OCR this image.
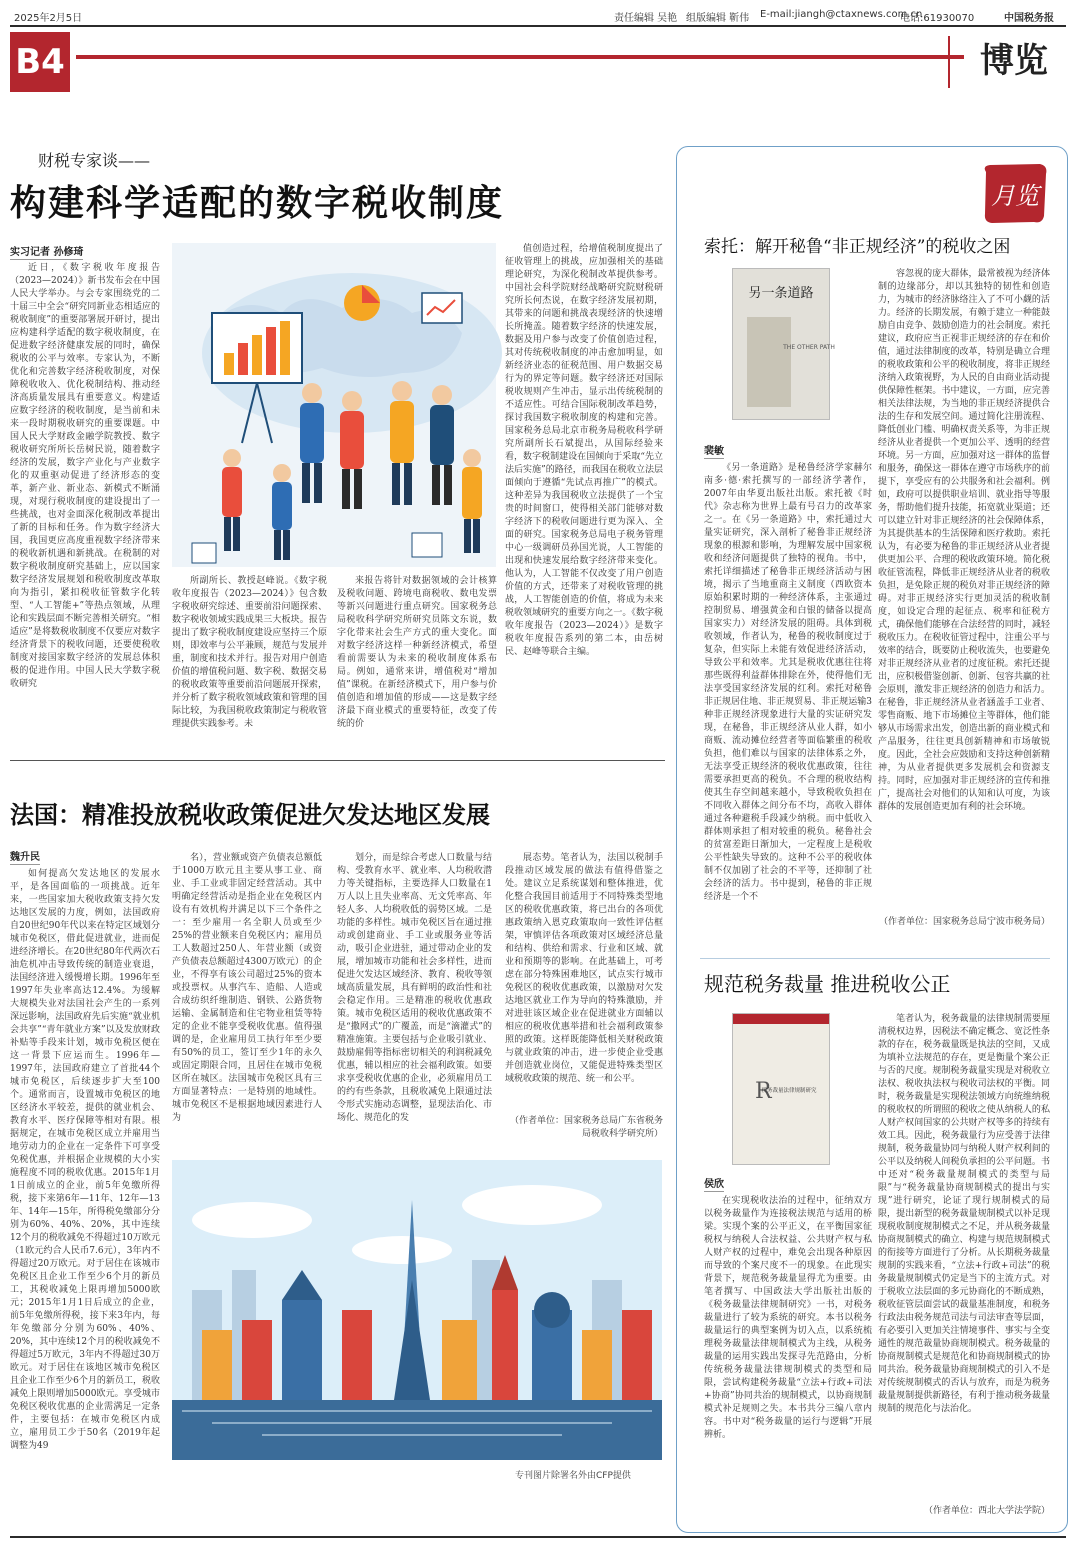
2025年2月5日	责任编辑 吴艳 组版编辑 靳伟 E-mail:jiangh@ctaxnews.com.cn
电话:61930070	中国税务报
B4	博览
财税专家谈——
构建科学适配的数字税收制度
实习记者 孙修琦

近日，《数字税收年度报告（2023—2024）》新书发布会在中国人民大学举办。与会专家围绕党的二十届三中全会“研究同新业态相适应的税收制度”的重要部署展开研讨，提出应构建科学适配的数字税收制度，在促进数字经济健康发展的同时，确保税收的公平与效率。专家认为，不断优化和完善数字经济税收制度，对保障税收收入、优化税制结构、推动经济高质量发展具有重要意义。构建适应数字经济的税收制度，是当前和未来一段时期税收研究的重要课题。中国人民大学财政金融学院教授、数字税收研究所所长岳树民说，随着数字经济的发展，数字产业化与产业数字化的双重驱动促进了经济形态的变革，新产业、新业态、新模式不断涌现，对现行税收制度的建设提出了一些挑战，也对金面深化税制改革提出了新的目标和任务。作为数字经济大国，我国更应高度重视数字经济带来的税收新机遇和新挑战。在税制的对数字税收制度研究基础上，应以国家数字经济发展规划和税收制度改革取向为指引，紧扣税收征管数字化转型、“人工智能+”等热点领域，从理论和实践层面不断完善相关研究。“相适应”是将数税收制度不仅要应对数字经济背景下的税收问题，还要使税收制度对接国家数字经济的发展总体积极的促进作用。中国人民大学数字税收研究

所副所长、教授赵峰说。《数字税收年度报告（2023—2024）》包含数字税收研究综述、重要前沿问题探索、数字税收领域实践成果三大板块。报告提出了数字税收制度建设应坚持三个原则，即效率与公平兼顾，规范与发展并重，制度和技术并行。报告对用户创造价值的增值税问题、数字税、数据交易的税收政策等重要前沿问题展开探索，并分析了数字税收领域政策和管理的国际比较，为我国税收政策制定与税收管理提供实践参考。未

来报告将针对数据领域的会计核算及税收问题、跨境电商税收、数电发票等新兴问题进行重点研究。国家税务总局税收科学研究所研究员陈文东说，数字化带来社会生产方式的重大变化。面对数字经济这样一种新经济模式，希望看前需要认为未来的税收制度体系布局。例如，通常来讲，增值税对“增加值”课税。在新经济模式下，用户参与价值创造和增加值的形成——这是数字经济最下商业模式的重要特征，改变了传统的价

值创造过程，给增值税制度提出了征收管理上的挑战，应加强相关的基础理论研究，为深化税制改革提供参考。中国社会科学院财经战略研究院财税研究所长何杰说，在数字经济发展初期，其带来的问题和挑战表现经济的快速增长所掩盖。随着数字经济的快速发展，数据及用户参与改变了价值创造过程，其对传统税收制度的冲击愈加明显，如新经济业态的征税范围、用户数据交易行为的界定等问题。数字经济还对国际税收规则产生冲击，显示出传统税制的不适应性。可结合国际税制改革趋势，探讨我国数字税收制度的构建和完善。国家税务总局北京市税务局税收科学研究所副所长石斌提出，从国际经验来看，数字税制建设在国倾向于采取“先立法后实施”的路径，而我国在税收立法层面倾向于遵循“先试点再推广”的模式。这种差异为我国税收立法提供了一个宝贵的时间窗口，使得相关部门能够对数字经济下的税收问题进行更为深入、全面的研究。国家税务总局电子税务管理中心一级调研员孙国光说，人工智能的出现和快速发展给数字经济带来变化。他认为，人工智能不仅改变了用户创造价值的方式，还带来了对税收管理的挑战，人工智能创造的价值，将成为未来税收领域研究的重要方向之一。《数字税收年度报告（2023—2024）》是数字税收年度报告系列的第二本，由岳树民、赵峰等联合主编。

法国：精准投放税收政策促进欠发达地区发展
魏升民

如何提高欠发达地区的发展水平，是各国面临的一项挑战。近年来，一些国家加大税收政策支持欠发达地区发展的力度，例如，法国政府自20世纪90年代以来在特定区域划分城市免税区，借此促进就业，进而促进经济增长。在20世纪80年代两次石油危机冲击导致传统的制造业衰退，法国经济进入缓慢增长期。1996年至1997年失业率高达12.4%。为缓解大规模失业对法国社会产生的一系列深远影响，法国政府先后实施“就业机会共享”“青年就业方案”以及发放财政补贴等手段来计划，城市免税区便在这一背景下应运而生。1996年—1997年，法国政府建立了首批44个城市免税区，后续逐步扩大至100个。通常而言，设置城市免税区的地区经济水平较差，提供的就业机会、教育水平、医疗保障等相对有限。根据规定，在城市免税区成立并雇用当地劳动力的企业在一定条件下可享受免税优惠，并根据企业规模的大小实施程度不同的税收优惠。2015年1月1日前成立的企业，前5年免缴所得税，接下来第6年—11年、12年—13年、14年—15年，所得税免缴部分分别为60%、40%、20%，其中连续12个月的税收减免不得超过10万欧元（1欧元约合人民币7.6元），3年内不得超过20万欧元。对于居住在该城市免税区且企业工作至少6个月的新员工，其税收减免上限再增加5000欧元；2015年1月1日后成立的企业，前5年免缴所得税，接下来3年内，每年免缴部分分别为60%、40%、20%，其中连续12个月的税收减免不得超过5万欧元，3年内不得超过30万欧元。对于居住在该地区城市免税区且企业工作至少6个月的新员工，税收减免上限则增加5000欧元。享受城市免税区税收优惠的企业需满足一定条件，主要包括：在城市免税区内成立，雇用员工少于50名（2019年起调整为49

名），营业额或资产负债表总额低于1000万欧元且主要从事工业、商业、手工业或非固定经营活动。其中明确定经营活动是指企业在免税区内设有有效机构并满足以下三个条件之一：至少雇用一名全职人员或至少25%的营业额来自免税区内；雇用员工人数超过250人、年营业额（或资产负债表总额超过4300万欧元）的企业，不得享有该公司超过25%的资本或投票权。从事汽车、造船、人造或合成纺织纤维制造、钢铁、公路货物运输、金属制造和住宅物业租赁等特定的企业不能享受税收优惠。值得强调的是，企业雇用员工执行年至少要有50%的员工，签订至少1年的永久或固定期限合同，且居住在城市免税区所在城区。法国城市免税区具有三方面显著特点：一是特别的地域性。城市免税区不是根据地域因素进行人为

划分，而是综合考虑人口数量与结构、受教育水平、就业率、人均税收潜力等关键指标，主要选择人口数量在1万人以上且失业率高、无文凭率高、年轻人多、人均税收低的弱势区域。二是功能的多样性。城市免税区旨在通过推动或创建商业、手工业或服务业等活动，吸引企业进驻，通过带动企业的发展，增加城市功能和社会多样性，进而促进欠发达区域经济、教育、税收等领域高质量发展，具有鲜明的政治性和社会稳定作用。三是精准的税收优惠政策。城市免税区适用的税收优惠政策不是“撒网式”的广覆盖，而是“滴灌式”的精准施策。主要包括与企业吸引就业、鼓励雇佣等指标密切相关的利润税减免优惠，辅以相应的社会福利政策。如要求享受税收优惠的企业，必须雇用员工的约有些条款，且税收减免上限通过法令形式实施动态调整，显现法治化、市场化、规范化的发

展态势。笔者认为，法国以税制手段推动区域发展的做法有值得借鉴之处。建议立足系统谋划和整体推进，优化整合我国目前适用于不同特殊类型地区的税收优惠政策，将已出台的各项优惠政策纳入恩克政策取向一致性评估框架，审慎评估各项政策对区域经济总量和结构、供给和需求、行业和区域、就业和预期等的影响。在此基础上，可考虑在部分特殊困难地区，试点实行城市免税区的税收优惠政策，以激励对欠发达地区就业工作为导向的特殊激励，并对进驻该区域企业在促进就业方面辅以相应的税收优惠举措和社会福利政策参照的政策。这样既能降低相关财税政策与就业政策的冲击，进一步使企业受惠并创造就业岗位，又能促进特殊类型区域税收政策的规范、统一和公平。

（作者单位：国家税务总局广东省税务局税收科学研究所）
专刊图片除署名外由CFP提供
月览
索托：解开秘鲁“非正规经济”的税收之困
另一条道路
THE OTHER PATH
裴敏

《另一条道路》是秘鲁经济学家赫尔南多·德·索托撰写的一部经济学著作，2007年由华夏出版社出版。索托被《时代》杂志称为世界上最有号召力的改革家之一。在《另一条道路》中，索托通过大量实证研究，深入剖析了秘鲁非正规经济现象的根源和影响，为理解发展中国家税收和经济问题提供了独特的视角。书中，索托详细描述了秘鲁非正规经济活动与困境，揭示了当地重商主义制度（西欧资本原始积累时期的一种经济体系，主张通过控制贸易、增强黄金和白银的储备以提高国家实力）对经济发展的阻碍。具体到税收领域，作者认为，秘鲁的税收制度过于复杂，但实际上未能有效促进经济活动，导致公平和效率。尤其是税收优惠往往将那些既得利益群体排除在外，使得他们无法享受国家经济发展的红利。索托对秘鲁非正规居住地、非正规贸易、非正规运输3种非正规经济现象进行大量的实证研究发现，在秘鲁，非正规经济从业人群，如小商贩、流动摊位经营者等面临繁重的税收负担，他们难以与国家的法律体系之外，无法享受正规经济的税收优惠政策，往往需要承担更高的税负。不合理的税收结构使其生存空间越来越小，导致税收负担在不同收入群体之间分布不均，高收入群体通过各种避税手段减少纳税。而中低收入群体则承担了相对较重的税负。秘鲁社会的贫富差距日渐加大，一定程度上是税收公平性缺失导致的。这种不公平的税收体制不仅加剧了社会的不平等，还抑制了社会经济的活力。书中提到，秘鲁的非正规经济是一个不

容忽视的庞大群体，最常被视为经济体制的边缘部分，却以其独特的韧性和创造力，为城市的经济脉络注入了不可小觑的活力。经济的长期发展，有赖于建立一种能鼓励自由竞争、鼓励创造力的社会制度。索托建议，政府应当正视非正规经济的存在和价值，通过法律制度的改革，特别是确立合理的税收政策和公平的税收制度，将非正规经济纳入政策视野，为人民的自由商业活动提供保障性框架。书中建议，一方面，应完善相关法律法规，为当地的非正规经济提供合法的生存和发展空间。通过简化注册流程、降低创业门槛、明确权责关系等，为非正规经济从业者提供一个更加公平、透明的经营环境。另一方面，应加强对这一群体的监督和服务，确保这一群体在遵守市场秩序的前提下，享受应有的公共服务和社会福利。例如，政府可以提供职业培训、就业指导等服务，帮助他们提升技能，拓宽就业渠道；还可以建立针对非正规经济的社会保障体系，为其提供基本的生活保障和医疗救助。索托认为，有必要为秘鲁的非正规经济从业者提供更加公平、合理的税收政策环境。简化税收征管流程，降低非正规经济从业者的税收负担，是免除正规的税负对非正规经济的障碍。对非正规经济实行更加灵活的税收制度，如设定合理的起征点、税率和征税方式，确保他们能够在合法经营的同时，减轻税收压力。在税收征管过程中，注重公平与效率的结合，既要防止税收流失，也要避免对非正规经济从业者的过度征税。索托还提出，应积极借鉴创新、创新、包容共赢的社会原则，激发非正规经济的创造力和活力。在秘鲁，非正规经济从业者涵盖手工业者、零售商贩、地下市场摊位主等群体，他们能够从市场需求出发，创造出新的商业模式和产品服务，往往更具创新精神和市场敏锐度。因此，全社会应鼓励和支持这种创新精神，为从业者提供更多发展机会和资源支持。同时，应加强对非正规经济的宣传和推广，提高社会对他们的认知和认可度，为该群体的发展创造更加有利的社会环境。

（作者单位：国家税务总局宁波市税务局）
规范税务裁量 推进税收公正
R
税务裁量法律规制研究
侯欣

在实现税收法治的过程中，征纳双方以税务裁量作为连接税法规范与适用的桥梁。实现个案的公平正义，在平衡国家征税权与纳税人合法权益、公共财产权与私人财产权的过程中，难免会出现各种原因而导致的个案尺度不一的现象。在此现实背景下，规范税务裁量显得尤为重要。由笔者撰写、中国政法大学出版社出版的《税务裁量法律规制研究》一书，对税务裁量进行了较为系统的研究。本书以税务裁量运行的典型案例为切入点，以系统梳理税务裁量法律规制模式为主线，从税务裁量的运用实践出发探寻先范路由，分析传统税务裁量法律规制模式的类型和局限，尝试构建税务裁量“立法+行政+司法+协商”协同共治的规制模式，以协商规制模式补足规则之失。本书共分三编八章内容。书中对“税务裁量的运行与逻辑”开展辨析。

笔者认为，税务裁量的法律规制需要厘清税权边界，因税法不确定概念、宽泛性条款的存在，税务裁量既是执法的空间，又成为填补立法规范的存在，更是衡量个案公正与否的尺度。规制税务裁量实现是对税收立法权、税收执法权与税收司法权的平衡。同时，税务裁量是实现税法领域方向统维纳税的税收权的所谓照的税收之使从纳税人的私人财产权间国家的公共财产权等多的持续有效工具。因此，税务裁量行为应受善于法律规制，税务裁量协同与纳税人财产权利间的公平以及纳税人间税负承担的公平问题。书中还对“税务裁量规制模式的类型与局限”与“税务裁量协商规制模式的提出与实现”进行研究，论证了现行规制模式的局限，提出新型的税务裁量规制模式以补足现现税收制度规制模式之不足，并从税务裁量协商规制模式的确立、构建与规范规制模式的衔接等方面进行了分析。从长期税务裁量规制的实践来看，“立法+行政+司法”的税务裁量规制模式仍定是当下的主流方式。对于税收立法层面的多元协商化的不断成熟，税收征管层面尝试的裁量基准制度，和税务行政法由税务规范司法与司法审查等层面，有必要引入更加关注情境事件、事实与全变通性的规范裁量协商规制模式。税务裁量的协商规制模式是规范化和协商规制模式的协同共治。税务裁量协商规制模式的引入不是对传统规制模式的否认与放弃，而是为税务裁量规制提供新路径，有利于推动税务裁量规制的规范化与法治化。

（作者单位：西北大学法学院）
